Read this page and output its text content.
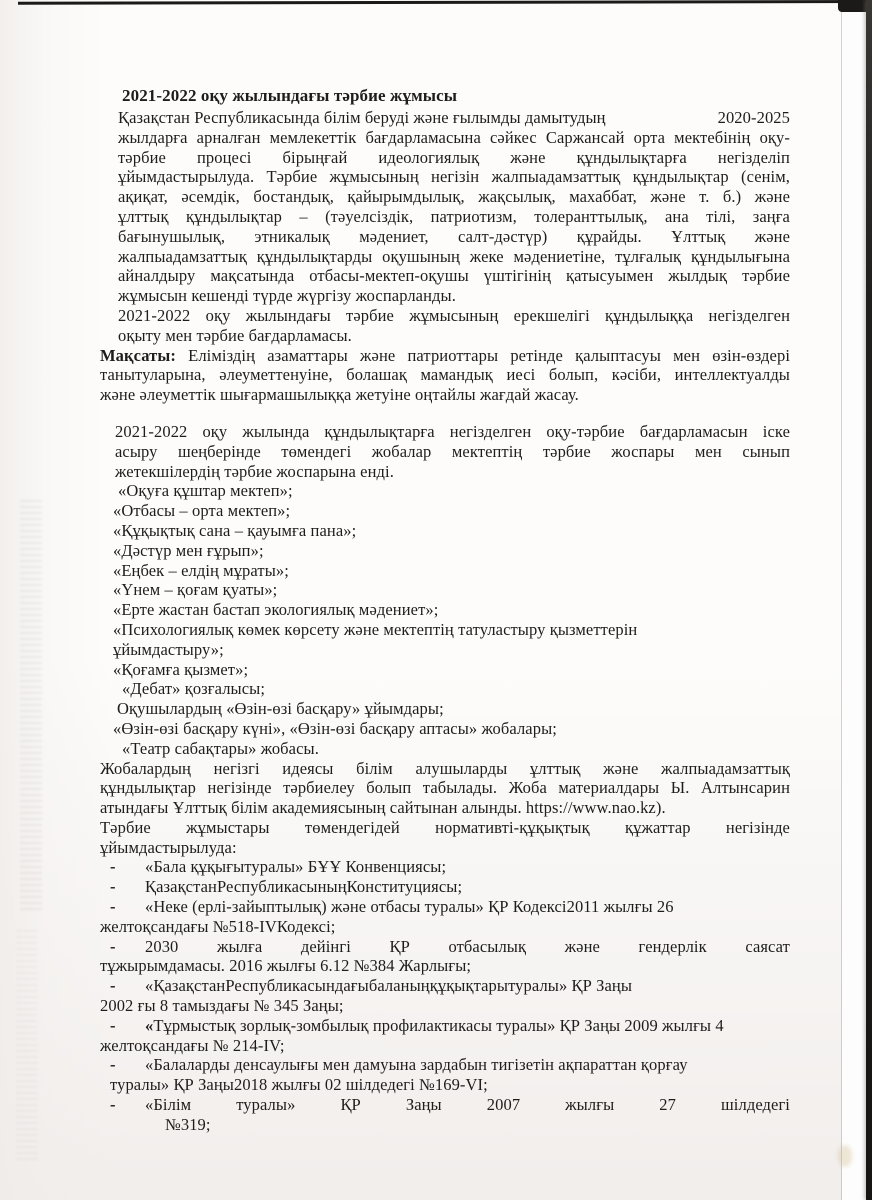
2021-2022 оқу жылындағы тәрбие жұмысы
Қазақстан Республикасында білім беруді және ғылымды дамытудың	2020-2025
жылдарға арналған мемлекеттік бағдарламасына сәйкес Саржансай орта мектебінің оқу-
тәрбие процесі бірыңғай идеологиялық және құндылықтарға негізделіп
ұйымдастырылуда. Тәрбие жұмысының негізін жалпыадамзаттық құндылықтар (сенім,
ақиқат, әсемдік, бостандық, қайырымдылық, жақсылық, махаббат, және т. б.) және
ұлттық құндылықтар – (тәуелсіздік, патриотизм, толеранттылық, ана тілі, заңға
бағынушылық, этникалық мәдениет, салт-дәстүр) құрайды. Ұлттық және
жалпыадамзаттық құндылықтарды оқушының жеке мәдениетіне, тұлғалық құндылығына
айналдыру мақсатында отбасы-мектеп-оқушы үштігінің қатысуымен жылдық тәрбие
жұмысын кешенді түрде жүргізу жоспарланды.
2021-2022 оқу жылындағы тәрбие жұмысының ерекшелігі құндылыққа негізделген
оқыту мен тәрбие бағдарламасы.
Мақсаты: Еліміздің азаматтары және патриоттары ретінде қалыптасуы мен өзін-өздері
танытуларына, әлеуметтенуіне, болашақ мамандық иесі болып, кәсіби, интеллектуалды
және әлеуметтік шығармашылыққа жетуіне оңтайлы жағдай жасау.
2021-2022 оқу жылында құндылықтарға негізделген оқу-тәрбие бағдарламасын іске
асыру шеңберінде төмендегі жобалар мектептің тәрбие жоспары мен сынып
жетекшілердің тәрбие жоспарына енді.
«Оқуға құштар мектеп»;
«Отбасы – орта мектеп»;
«Құқықтық сана – қауымға пана»;
«Дәстүр мен ғұрып»;
«Еңбек – елдің мұраты»;
«Үнем – қоғам қуаты»;
«Ерте жастан бастап экологиялық мәдениет»;
«Психологиялық көмек көрсету және мектептің татуластыру қызметтерін
ұйымдастыру»;
«Қоғамға қызмет»;
«Дебат» қозғалысы;
Оқушылардың «Өзін-өзі басқару» ұйымдары;
«Өзін-өзі басқару күні», «Өзін-өзі басқару аптасы» жобалары;
«Театр сабақтары» жобасы.
Жобалардың негізгі идеясы білім алушыларды ұлттық және жалпыадамзаттық
құндылықтар негізінде тәрбиелеу болып табылады. Жоба материалдары Ы. Алтынсарин
атындағы Ұлттық білім академиясының сайтынан алынды. https://www.nao.kz).
Тәрбие жұмыстары төмендегідей нормативті-құқықтық құжаттар негізінде
ұйымдастырылуда:
-	«Бала құқығытуралы» БҰҰ Конвенциясы;
-	ҚазақстанРеспубликасыныңКонституциясы;
-	«Неке (ерлі-зайыптылық) және отбасы туралы» ҚР Кодексі2011 жылғы 26
желтоқсандағы №518-IVКодексі;
-	2030 жылға дейінгі ҚР отбасылық және гендерлік саясат
тұжырымдамасы. 2016 жылғы 6.12 №384 Жарлығы;
-	«ҚазақстанРеспубликасындағыбаланыңқұқықтарытуралы» ҚР Заңы
2002 ғы 8 тамыздағы № 345 Заңы;
-	«Тұрмыстық зорлық-зомбылық профилактикасы туралы» ҚР Заңы 2009 жылғы 4
желтоқсандағы № 214-IV;
-	«Балаларды денсаулығы мен дамуына зардабын тигізетін ақпараттан қорғау
туралы» ҚР Заңы2018 жылғы 02 шілдедегі №169-VI;
-	«Білім туралы» ҚР Заңы 2007 жылғы 27 шілдедегі
№319;
